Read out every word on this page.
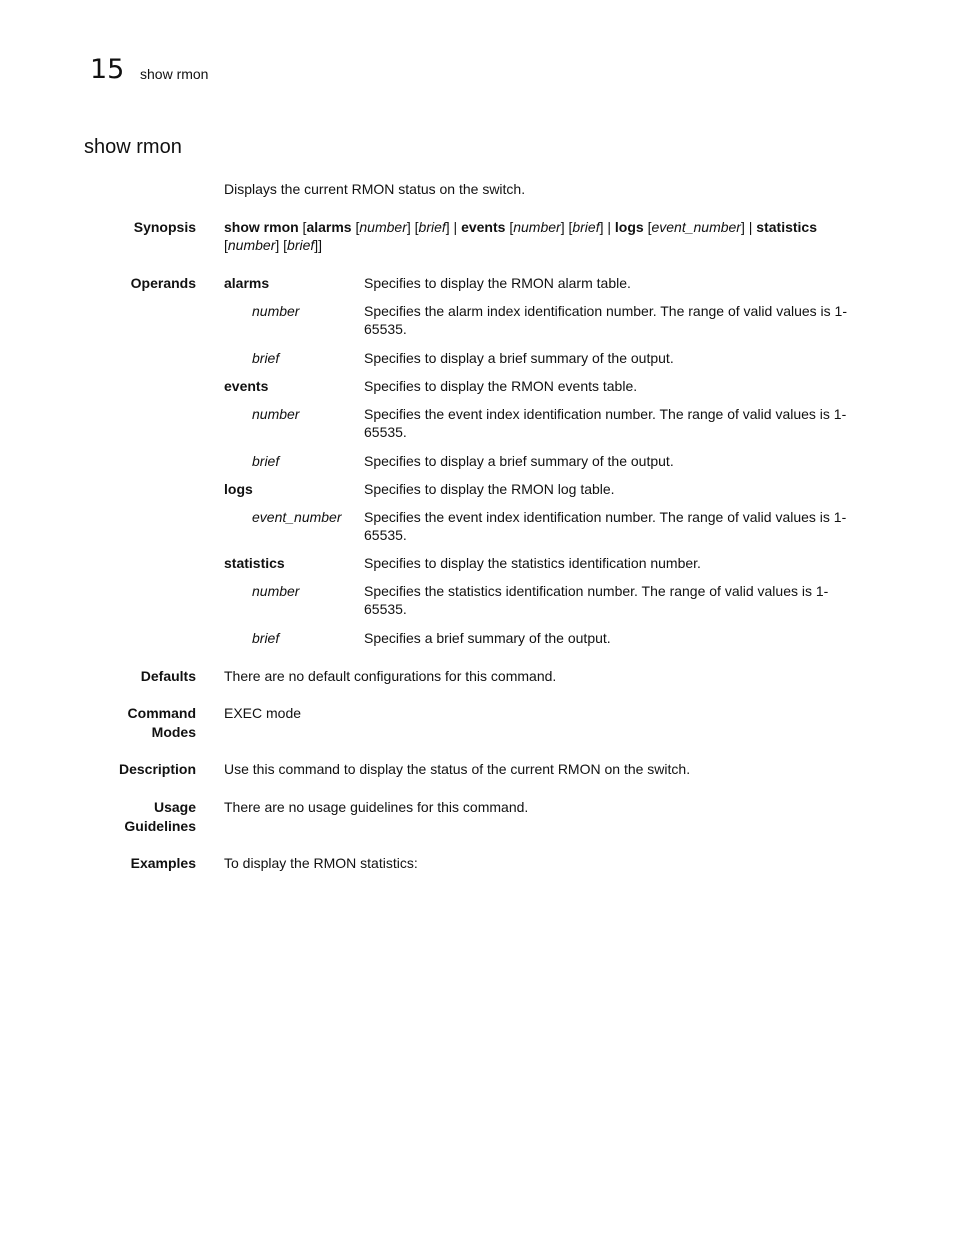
15 show rmon
show rmon
Displays the current RMON status on the switch.
Synopsis show rmon [alarms [number] [brief] | events [number] [brief] | logs [event_number] | statistics
[number] [brief]]
Operands alarms	Specifies to display the RMON alarm table.
number	Specifies the alarm index identification number. The range of valid values is 1-65535.
brief	Specifies to display a brief summary of the output.
events	Specifies to display the RMON events table.
number	Specifies the event index identification number. The range of valid values is 1-65535.
brief	Specifies to display a brief summary of the output.
logs	Specifies to display the RMON log table.
event_number Specifies the event index identification number. The range of valid values is 1-65535.
statistics	Specifies to display the statistics identification number.
number	Specifies the statistics identification number. The range of valid values is 1-65535.
brief	Specifies a brief summary of the output.
Defaults There are no default configurations for this command.
Command
Modes
EXEC mode
Description Use this command to display the status of the current RMON on the switch.
Usage
Guidelines
There are no usage guidelines for this command.
Examples To display the RMON statistics:
